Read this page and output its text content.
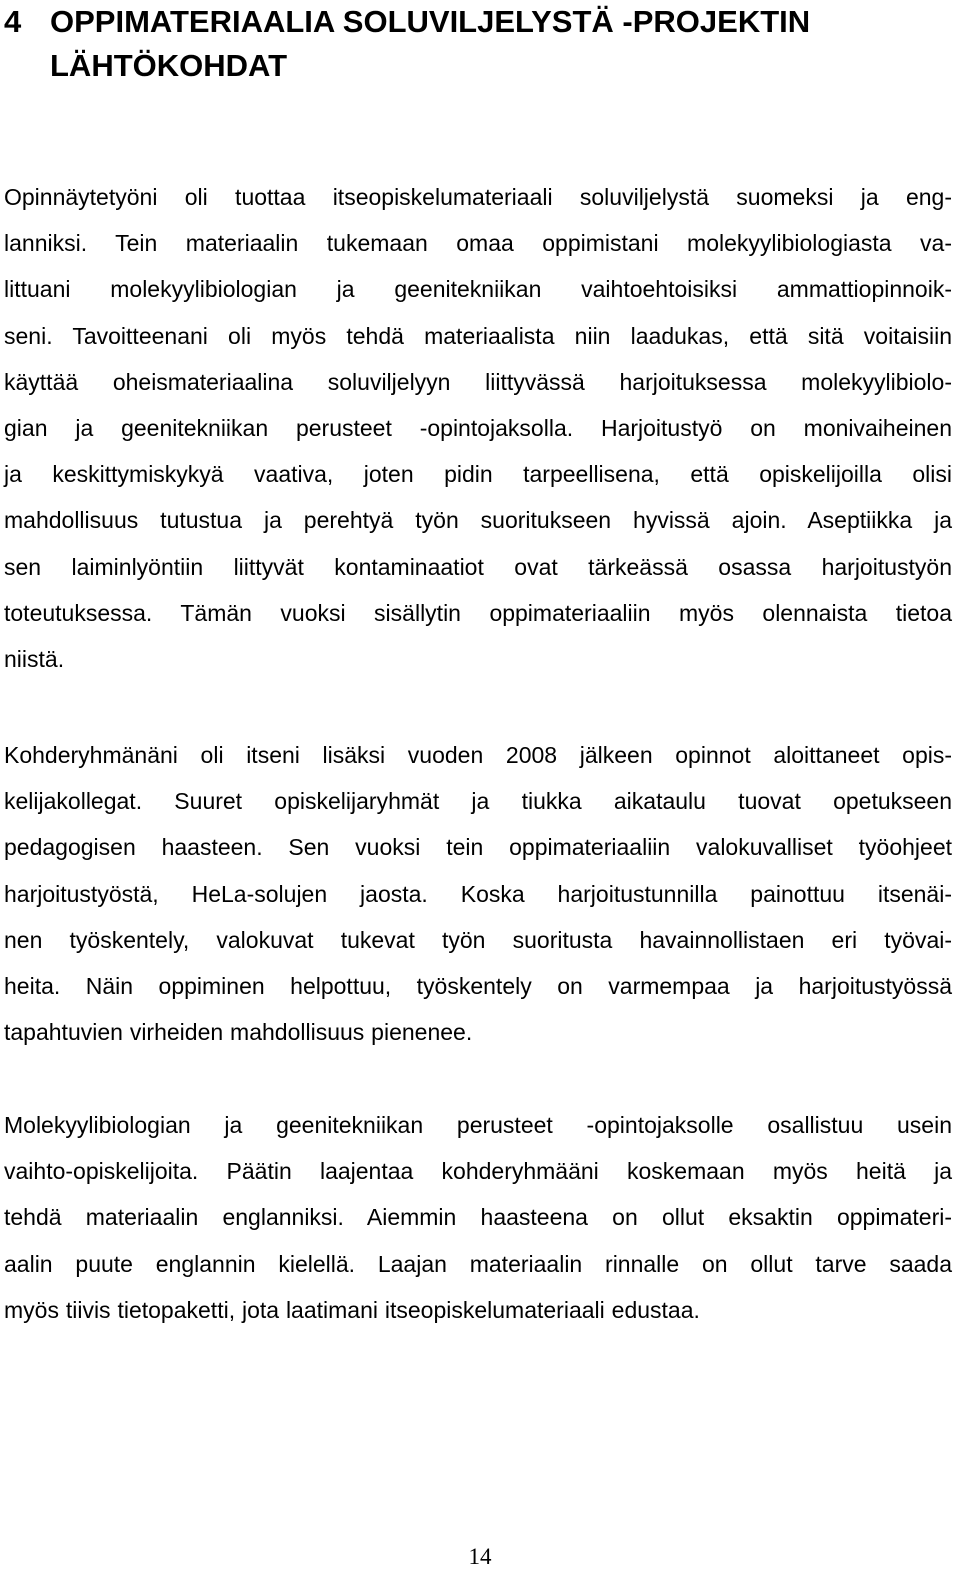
4 OPPIMATERIAALIA SOLUVILJELYSTÄ -PROJEKTIN
LÄHTÖKOHDAT

Opinnäytetyöni oli tuottaa itseopiskelumateriaali soluviljelystä suomeksi ja eng-
lanniksi. Tein materiaalin tukemaan omaa oppimistani molekyylibiologiasta va-
littuani molekyylibiologian ja geenitekniikan vaihtoehtoisiksi ammattiopinnoik-
seni. Tavoitteenani oli myös tehdä materiaalista niin laadukas, että sitä voitaisiin
käyttää oheismateriaalina soluviljelyyn liittyvässä harjoituksessa molekyylibiolo-
gian ja geenitekniikan perusteet -opintojaksolla. Harjoitustyö on monivaiheinen
ja keskittymiskykyä vaativa, joten pidin tarpeellisena, että opiskelijoilla olisi
mahdollisuus tutustua ja perehtyä työn suoritukseen hyvissä ajoin. Aseptiikka ja
sen laiminlyöntiin liittyvät kontaminaatiot ovat tärkeässä osassa harjoitustyön
toteutuksessa. Tämän vuoksi sisällytin oppimateriaaliin myös olennaista tietoa
niistä.

Kohderyhmänäni oli itseni lisäksi vuoden 2008 jälkeen opinnot aloittaneet opis-
kelijakollegat. Suuret opiskelijaryhmät ja tiukka aikataulu tuovat opetukseen
pedagogisen haasteen. Sen vuoksi tein oppimateriaaliin valokuvalliset työohjeet
harjoitustyöstä, HeLa-solujen jaosta. Koska harjoitustunnilla painottuu itsenäi-
nen työskentely, valokuvat tukevat työn suoritusta havainnollistaen eri työvai-
heita. Näin oppiminen helpottuu, työskentely on varmempaa ja harjoitustyössä
tapahtuvien virheiden mahdollisuus pienenee.

Molekyylibiologian ja geenitekniikan perusteet -opintojaksolle osallistuu usein
vaihto-opiskelijoita. Päätin laajentaa kohderyhmääni koskemaan myös heitä ja
tehdä materiaalin englanniksi. Aiemmin haasteena on ollut eksaktin oppimateri-
aalin puute englannin kielellä. Laajan materiaalin rinnalle on ollut tarve saada
myös tiivis tietopaketti, jota laatimani itseopiskelumateriaali edustaa.

14
